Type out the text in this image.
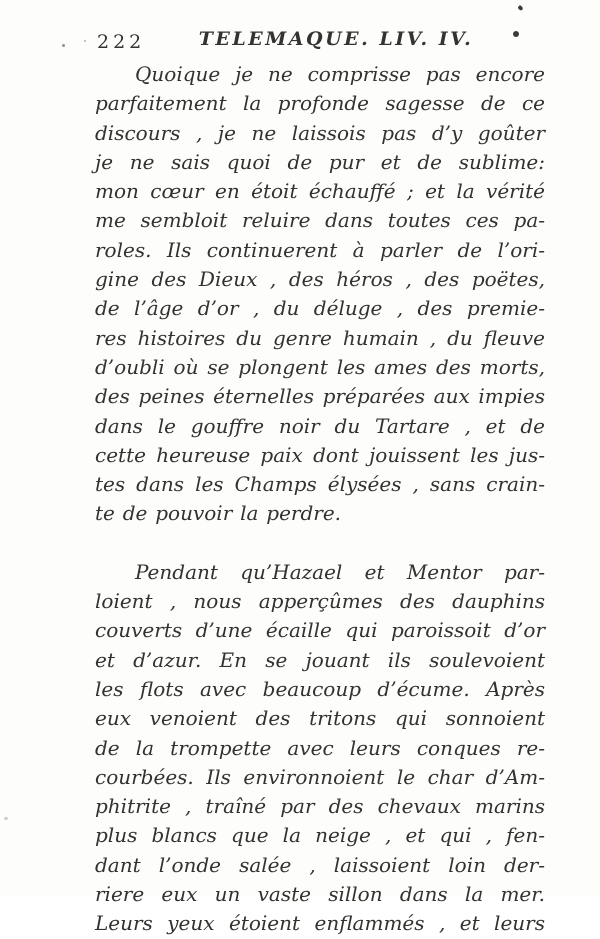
222	TELEMAQUE. LIV. IV.
Quoique je ne comprisse pas encore
parfaitement la profonde sagesse de ce
discours , je ne laissois pas d’y goûter
je ne sais quoi de pur et de sublime:
mon cœur en étoit échauffé ; et la vérité
me sembloit reluire dans toutes ces pa-
roles. Ils continuerent à parler de l’ori-
gine des Dieux , des héros , des poëtes,
de l’âge d’or , du déluge , des premie-
res histoires du genre humain , du fleuve
d’oubli où se plongent les ames des morts,
des peines éternelles préparées aux impies
dans le gouffre noir du Tartare , et de
cette heureuse paix dont jouissent les jus-
tes dans les Champs élysées , sans crain-
te de pouvoir la perdre.
Pendant qu’Hazael et Mentor par-
loient , nous apperçûmes des dauphins
couverts d’une écaille qui paroissoit d’or
et d’azur. En se jouant ils soulevoient
les flots avec beaucoup d’écume. Après
eux venoient des tritons qui sonnoient
de la trompette avec leurs conques re-
courbées. Ils environnoient le char d’Am-
phitrite , traîné par des chevaux marins
plus blancs que la neige , et qui , fen-
dant l’onde salée , laissoient loin der-
riere eux un vaste sillon dans la mer.
Leurs yeux étoient enflammés , et leurs
